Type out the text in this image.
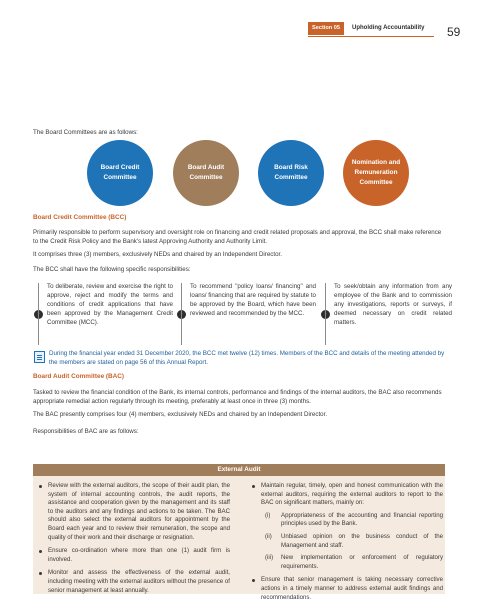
Section 05	Upholding Accountability 59
The Board Committees are as follows:
Board Credit Committee
Board Audit Committee
Board Risk Committee
Nomination and Remuneration Committee
Board Credit Committee (BCC)
Primarily responsible to perform supervisory and oversight role on financing and credit related proposals and approval, the BCC shall make reference to the Credit Risk Policy and the Bank's latest Approving Authority and Authority Limit.
It comprises three (3) members, exclusively NEDs and chaired by an Independent Director.
The BCC shall have the following specific responsibilities:
›
To deliberate, review and exercise the right to approve, reject and modify the terms and conditions of credit applications that have been approved by the Management Credit Committee (MCC).
›
To recommend "policy loans/ financing" and loans/ financing that are required by statute to be approved by the Board, which have been reviewed and recommended by the MCC.	›
To seek/obtain any information from any employee of the Bank and to commission any investigations, reports or surveys, if deemed necessary on credit related matters.
During the financial year ended 31 December 2020, the BCC met twelve (12) times. Members of the BCC and details of the meeting attended by the members are stated on page 56 of this Annual Report.
Board Audit Committee (BAC)
Tasked to review the financial condition of the Bank, its internal controls, performance and findings of the internal auditors, the BAC also recommends appropriate remedial action regularly through its meeting, preferably at least once in three (3) months.
The BAC presently comprises four (4) members, exclusively NEDs and chaired by an Independent Director.
Responsibilities of BAC are as follows:
External Audit
Review with the external auditors, the scope of their audit plan, the system of internal accounting controls, the audit reports, the assistance and cooperation given by the management and its staff to the auditors and any findings and actions to be taken. The BAC should also select the external auditors for appointment by the Board each year and to review their remuneration, the scope and quality of their work and their discharge or resignation.
Ensure co-ordination where more than one (1) audit firm is involved.
Monitor and assess the effectiveness of the external audit, including meeting with the external auditors without the presence of senior management at least annually.
Maintain regular, timely, open and honest communication with the external auditors, requiring the external auditors to report to the BAC on significant matters, mainly on:
(i) Appropriateness of the accounting and financial reporting principles used by the Bank.
(ii) Unbiased opinion on the business conduct of the Management and staff.
(iii) New implementation or enforcement of regulatory requirements.
Ensure that senior management is taking necessary corrective actions in a timely manner to address external audit findings and recommendations.
